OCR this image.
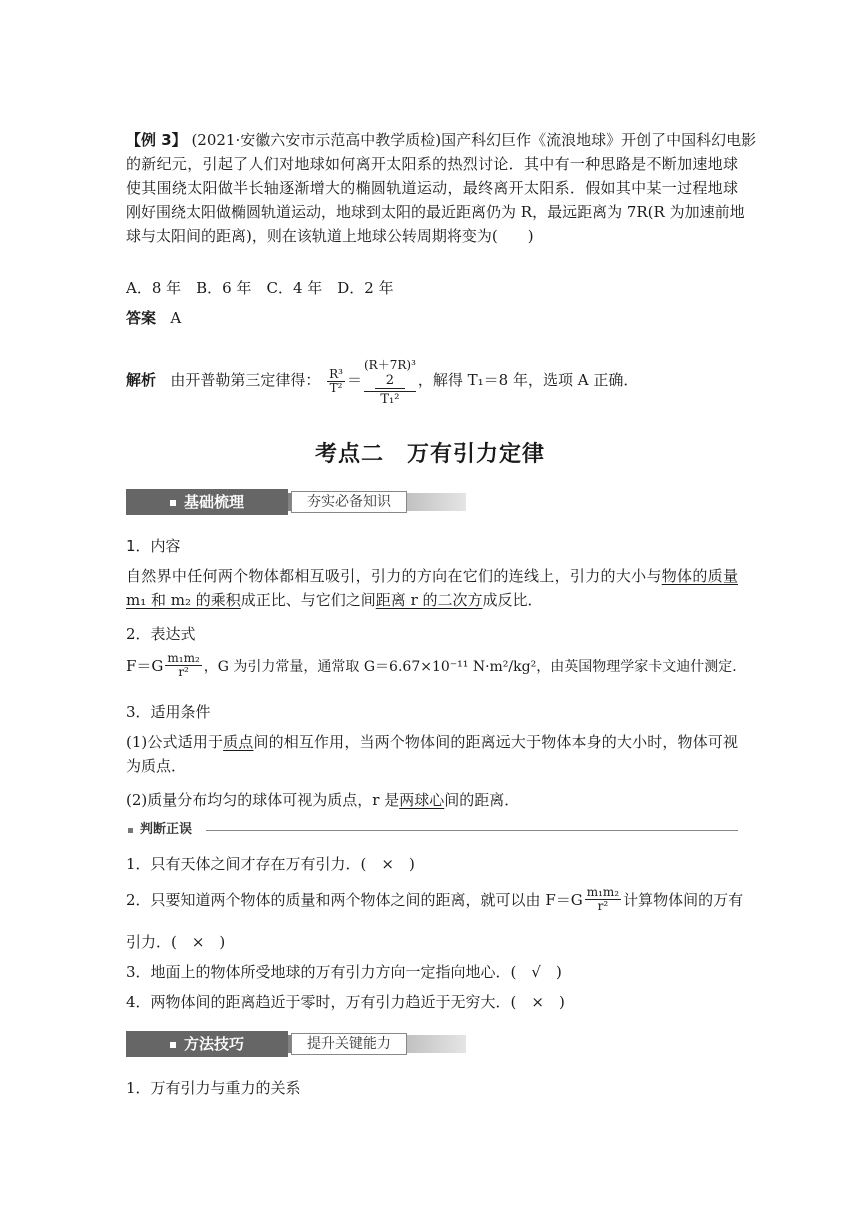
【例 3】 (2021·安徽六安市示范高中教学质检)国产科幻巨作《流浪地球》开创了中国科幻电影
的新纪元，引起了人们对地球如何离开太阳系的热烈讨论．其中有一种思路是不断加速地球
使其围绕太阳做半长轴逐渐增大的椭圆轨道运动，最终离开太阳系．假如其中某一过程地球
刚好围绕太阳做椭圆轨道运动，地球到太阳的最近距离仍为 R，最远距离为 7R(R 为加速前地
球与太阳间的距离)，则在该轨道上地球公转周期将变为(　　)
A．8 年　B．6 年　C．4 年　D．2 年
答案 A
解析 由开普勒第三定律得： $\frac{\text{R³}}{\text{T²}}$ ＝
(R＋7R)³
2
T₁²
，解得 T₁＝8 年，选项 A 正确．
考点二　万有引力定律
基础梳理	夯实必备知识
1．内容
自然界中任何两个物体都相互吸引，引力的方向在它们的连线上，引力的大小与物体的质量
m₁ 和 m₂ 的乘积成正比、与它们之间距离 r 的二次方成反比．
2．表达式
$F=G \frac{\text{m₁m₂}}{\text{r²}}$ ，G 为引力常量，通常取 G＝6.67×10⁻¹¹ N·m²/kg²，由英国物理学家卡文迪什测定．
3．适用条件
(1)公式适用于质点间的相互作用，当两个物体间的距离远大于物体本身的大小时，物体可视
为质点．
(2)质量分布均匀的球体可视为质点，r 是两球心间的距离．
判断正误
1．只有天体之间才存在万有引力．(　×　)
2．只要知道两个物体的质量和两个物体之间的距离，就可以由 $F=G \frac{\text{m₁m₂}}{\text{r²}}$ 计算物体间的万有
引力．(　×　)
3．地面上的物体所受地球的万有引力方向一定指向地心．(　√　)
4．两物体间的距离趋近于零时，万有引力趋近于无穷大．(　×　)
方法技巧	提升关键能力
1．万有引力与重力的关系
